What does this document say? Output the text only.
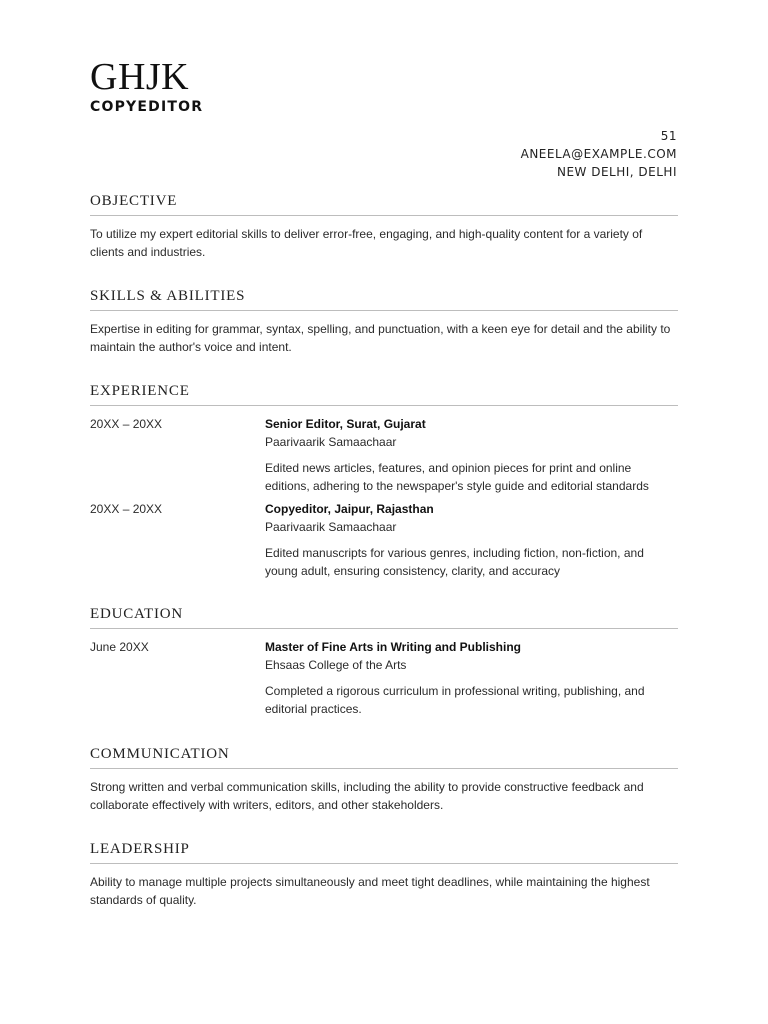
GHJK
COPYEDITOR
51
ANEELA@EXAMPLE.COM
NEW DELHI, DELHI
OBJECTIVE
To utilize my expert editorial skills to deliver error-free, engaging, and high-quality content for a variety of clients and industries.
SKILLS & ABILITIES
Expertise in editing for grammar, syntax, spelling, and punctuation, with a keen eye for detail and the ability to maintain the author's voice and intent.
EXPERIENCE
20XX – 20XX	Senior Editor, Surat, Gujarat
Paarivaarik Samaachaar
Edited news articles, features, and opinion pieces for print and online editions, adhering to the newspaper's style guide and editorial standards
20XX – 20XX	Copyeditor, Jaipur, Rajasthan
Paarivaarik Samaachaar
Edited manuscripts for various genres, including fiction, non-fiction, and young adult, ensuring consistency, clarity, and accuracy
EDUCATION
June 20XX	Master of Fine Arts in Writing and Publishing
Ehsaas College of the Arts
Completed a rigorous curriculum in professional writing, publishing, and editorial practices.
COMMUNICATION
Strong written and verbal communication skills, including the ability to provide constructive feedback and collaborate effectively with writers, editors, and other stakeholders.
LEADERSHIP
Ability to manage multiple projects simultaneously and meet tight deadlines, while maintaining the highest standards of quality.
